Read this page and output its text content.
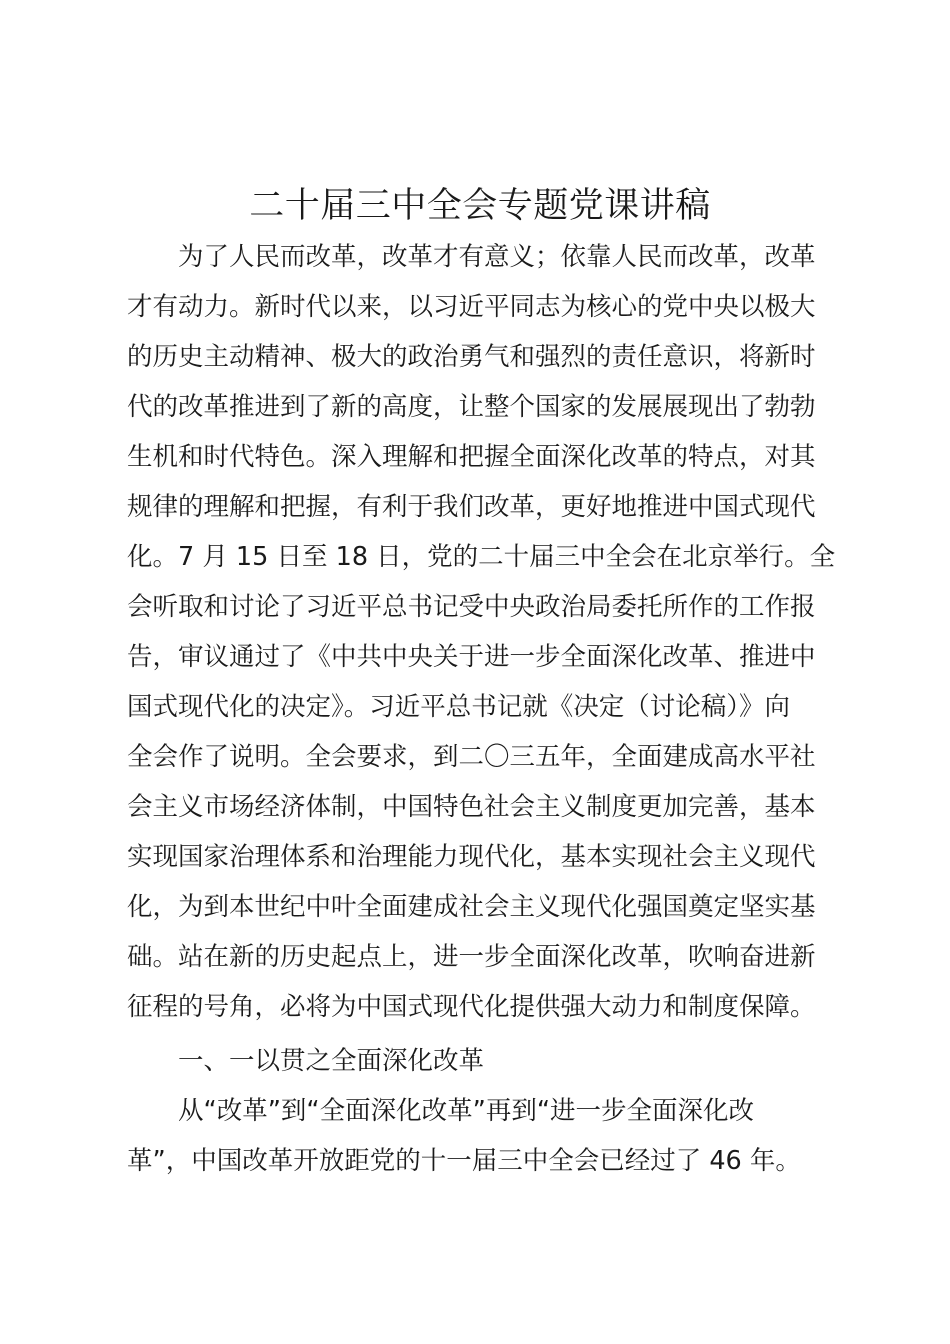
二十届三中全会专题党课讲稿
为了人民而改革，改革才有意义；依靠人民而改革，改革
才有动力。新时代以来，以习近平同志为核心的党中央以极大
的历史主动精神、极大的政治勇气和强烈的责任意识，将新时
代的改革推进到了新的高度，让整个国家的发展展现出了勃勃
生机和时代特色。深入理解和把握全面深化改革的特点，对其
规律的理解和把握，有利于我们改革，更好地推进中国式现代
化。7 月 15 日至 18 日，党的二十届三中全会在北京举行。全
会听取和讨论了习近平总书记受中央政治局委托所作的工作报
告，审议通过了《中共中央关于进一步全面深化改革、推进中
国式现代化的决定》。习近平总书记就《决定（讨论稿）》向
全会作了说明。全会要求，到二〇三五年，全面建成高水平社
会主义市场经济体制，中国特色社会主义制度更加完善，基本
实现国家治理体系和治理能力现代化，基本实现社会主义现代
化，为到本世纪中叶全面建成社会主义现代化强国奠定坚实基
础。站在新的历史起点上，进一步全面深化改革，吹响奋进新
征程的号角，必将为中国式现代化提供强大动力和制度保障。
一、一以贯之全面深化改革
从“改革”到“全面深化改革”再到“进一步全面深化改
革”，中国改革开放距党的十一届三中全会已经过了 46 年。
